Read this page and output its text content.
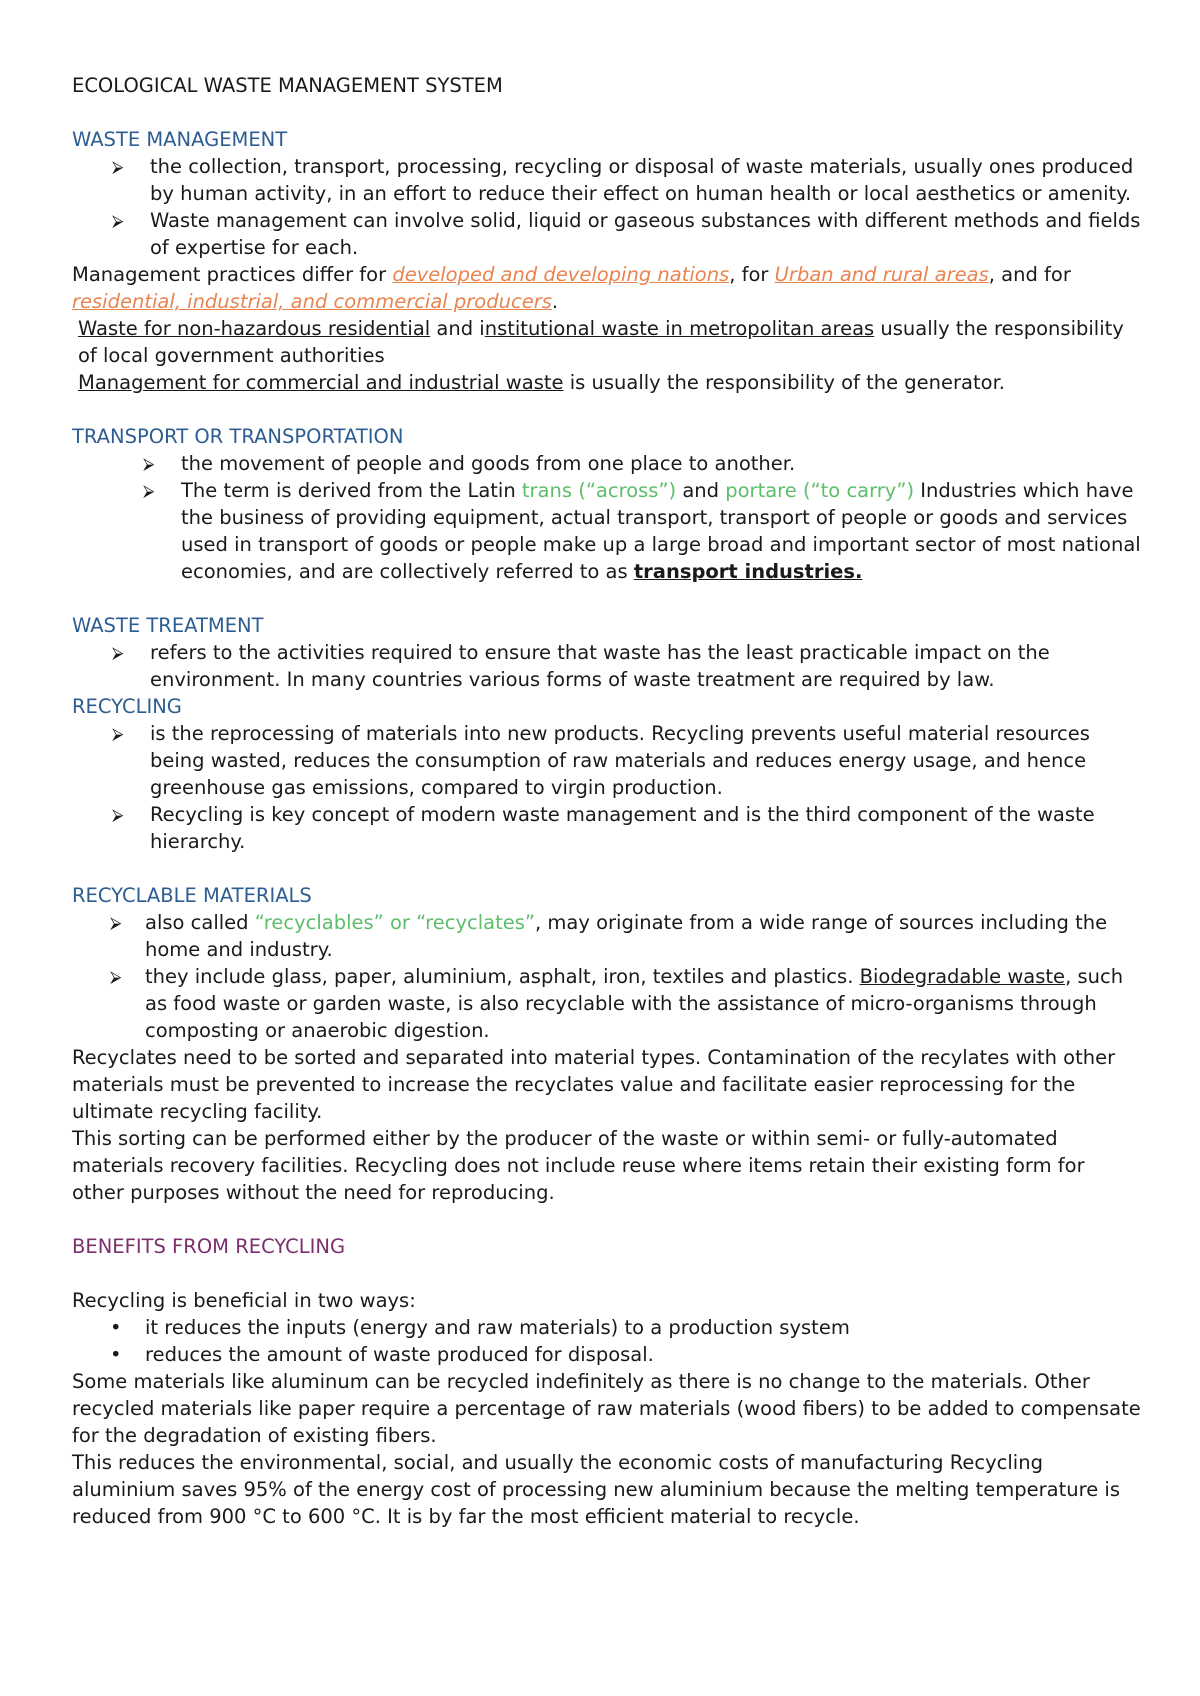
ECOLOGICAL WASTE MANAGEMENT SYSTEM
WASTE MANAGEMENT
⮚ the collection, transport, processing, recycling or disposal of waste materials, usually ones produced by human activity, in an effort to reduce their effect on human health or local aesthetics or amenity.
⮚ Waste management can involve solid, liquid or gaseous substances with different methods and fields of expertise for each.

Management practices differ for developed and developing nations, for Urban and rural areas, and for residential, industrial, and commercial producers.

Waste for non-hazardous residential and institutional waste in metropolitan areas usually the responsibility of local government authorities

Management for commercial and industrial waste is usually the responsibility of the generator.

TRANSPORT OR TRANSPORTATION
⮚ the movement of people and goods from one place to another.
⮚ The term is derived from the Latin trans (“across”) and portare (“to carry”) Industries which have the business of providing equipment, actual transport, transport of people or goods and services used in transport of goods or people make up a large broad and important sector of most national economies, and are collectively referred to as transport industries.
WASTE TREATMENT
⮚ refers to the activities required to ensure that waste has the least practicable impact on the environment. In many countries various forms of waste treatment are required by law.
RECYCLING
⮚ is the reprocessing of materials into new products. Recycling prevents useful material resources being wasted, reduces the consumption of raw materials and reduces energy usage, and hence greenhouse gas emissions, compared to virgin production.
⮚ Recycling is key concept of modern waste management and is the third component of the waste hierarchy.
RECYCLABLE MATERIALS
⮚ also called “recyclables” or “recyclates”, may originate from a wide range of sources including the home and industry.
⮚ they include glass, paper, aluminium, asphalt, iron, textiles and plastics. Biodegradable waste, such as food waste or garden waste, is also recyclable with the assistance of micro-organisms through composting or anaerobic digestion.

Recyclates need to be sorted and separated into material types. Contamination of the recylates with other materials must be prevented to increase the recyclates value and facilitate easier reprocessing for the ultimate recycling facility.

This sorting can be performed either by the producer of the waste or within semi- or fully-automated materials recovery facilities. Recycling does not include reuse where items retain their existing form for other purposes without the need for reproducing.

BENEFITS FROM RECYCLING

Recycling is beneficial in two ways:

• it reduces the inputs (energy and raw materials) to a production system
• reduces the amount of waste produced for disposal.

Some materials like aluminum can be recycled indefinitely as there is no change to the materials. Other recycled materials like paper require a percentage of raw materials (wood fibers) to be added to compensate for the degradation of existing fibers.

This reduces the environmental, social, and usually the economic costs of manufacturing Recycling aluminium saves 95% of the energy cost of processing new aluminium because the melting temperature is reduced from 900 °C to 600 °C. It is by far the most efficient material to recycle.
